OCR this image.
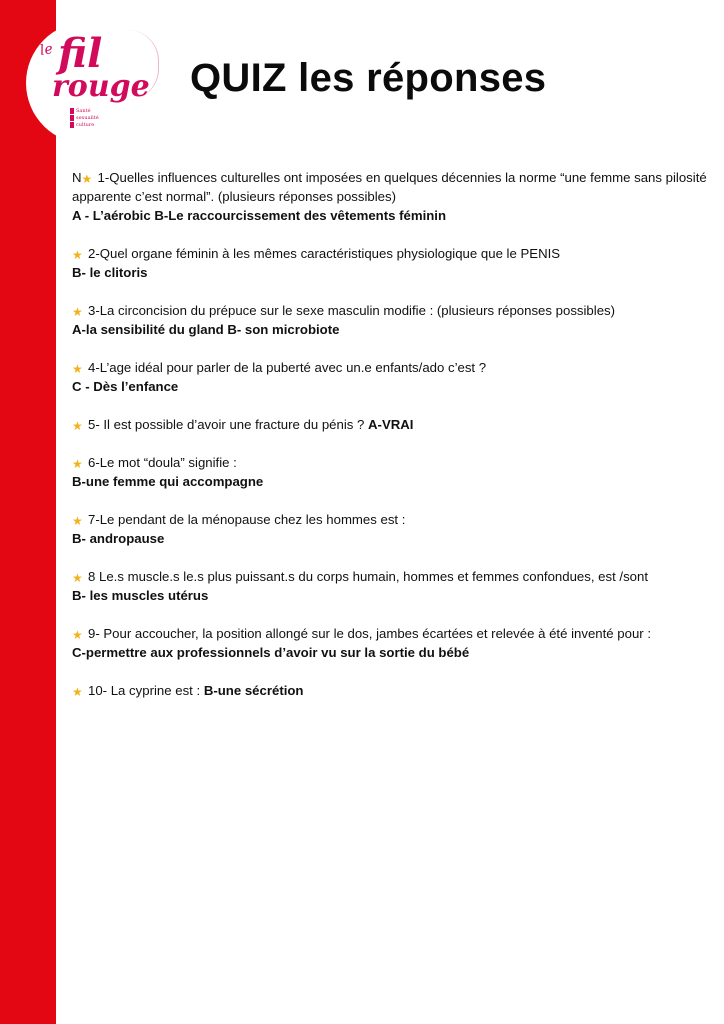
le fil
rouge
Santé
sexualité
culture
QUIZ les réponses
N★ 1-Quelles influences culturelles ont imposées en quelques décennies la norme “une femme sans pilosité apparente c’est normal”. (plusieurs réponses possibles)
A - L’aérobic B-Le raccourcissement des vêtements féminin
★2-Quel organe féminin à les mêmes caractéristiques physiologique que le PENIS
B- le clitoris
★3-La circoncision du prépuce sur le sexe masculin modifie : (plusieurs réponses possibles)
A-la sensibilité du gland B- son microbiote
★4-L’age idéal pour parler de la puberté avec un.e enfants/ado c’est ?
C - Dès l’enfance
★5- Il est possible d’avoir une fracture du pénis ? A-VRAI
★6-Le mot “doula” signifie :
B-une femme qui accompagne
★7-Le pendant de la ménopause chez les hommes est :
B- andropause
★8 Le.s muscle.s le.s plus puissant.s du corps humain, hommes et femmes confondues, est /sont
B- les muscles utérus
★9- Pour accoucher, la position allongé sur le dos, jambes écartées et relevée à été inventé pour :
C-permettre aux professionnels d’avoir vu sur la sortie du bébé
★10- La cyprine est : B-une sécrétion
